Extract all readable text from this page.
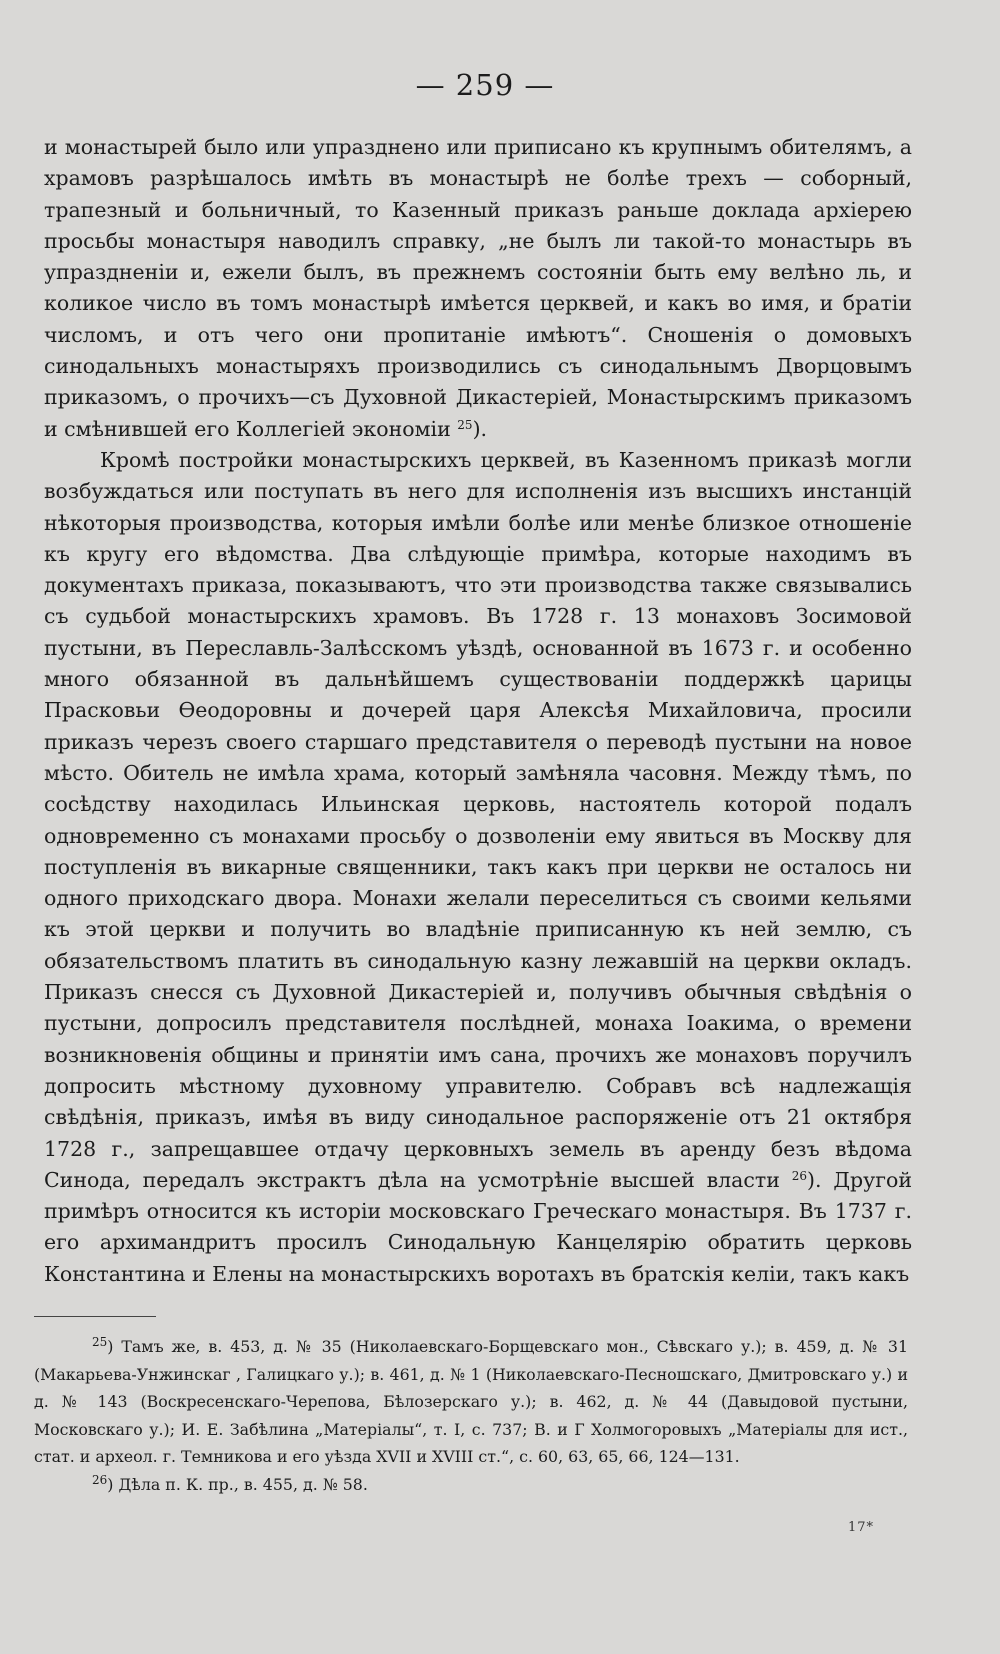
— 259 —

и монастырей было или упразднено или приписано къ крупнымъ обителямъ, а храмовъ разрѣшалось имѣть въ монастырѣ не болѣе трехъ — соборный, трапезный и больничный, то Казенный приказъ раньше доклада архіерею просьбы монастыря наводилъ справку, „не былъ ли такой-то монастырь въ упраздненіи и, ежели былъ, въ прежнемъ состояніи быть ему велѣно ль, и коликое число въ томъ монастырѣ имѣется церквей, и какъ во имя, и братіи числомъ, и отъ чего они пропитаніе имѣютъ“. Сношенія о домовыхъ синодальныхъ монастыряхъ производились съ синодальнымъ Дворцовымъ приказомъ, о прочихъ—съ Духовной Дикастеріей, Монастырскимъ приказомъ и смѣнившей его Коллегіей экономіи $^{25}$).

Кромѣ постройки монастырскихъ церквей, въ Казенномъ приказѣ могли возбуждаться или поступать въ него для исполненія изъ высшихъ инстанцій нѣкоторыя производства, которыя имѣли болѣе или менѣе близкое отношеніе къ кругу его вѣдомства. Два слѣдующіе примѣра, которые находимъ въ документахъ приказа, показываютъ, что эти производства также связывались съ судьбой монастырскихъ храмовъ. Въ 1728 г. 13 монаховъ Зосимовой пустыни, въ Переславль-Залѣсскомъ уѣздѣ, основанной въ 1673 г. и особенно много обязанной въ дальнѣйшемъ существованіи поддержкѣ царицы Прасковьи Ѳеодоровны и дочерей царя Алексѣя Михайловича, просили приказъ черезъ своего старшаго представителя о переводѣ пустыни на новое мѣсто. Обитель не имѣла храма, который замѣняла часовня. Между тѣмъ, по сосѣдству находилась Ильинская церковь, настоятель которой подалъ одновременно съ монахами просьбу о дозволеніи ему явиться въ Москву для поступленія въ викарные священники, такъ какъ при церкви не осталось ни одного приходскаго двора. Монахи желали переселиться съ своими кельями къ этой церкви и получить во владѣніе приписанную къ ней землю, съ обязательствомъ платить въ синодальную казну лежавшій на церкви окладъ. Приказъ снесся съ Духовной Дикастеріей и, получивъ обычныя свѣдѣнія о пустыни, допросилъ представителя послѣдней, монаха Іоакима, о времени возникновенія общины и принятіи имъ сана, прочихъ же монаховъ поручилъ допросить мѣстному духовному управителю. Собравъ всѣ надлежащія свѣдѣнія, приказъ, имѣя въ виду синодальное распоряженіе отъ 21 октября 1728 г., запрещавшее отдачу церковныхъ земель въ аренду безъ вѣдома Синода, передалъ экстрактъ дѣла на усмотрѣніе высшей власти $^{26}$). Другой примѣръ относится къ исторіи московскаго Греческаго монастыря. Въ 1737 г. его архимандритъ просилъ Синодальную Канцелярію обратить церковь Константина и Елены на монастырскихъ воротахъ въ братскія келіи, такъ какъ

$^{25}$) Тамъ же, в. 453, д. № 35 (Николаевскаго-Борщевскаго мон., Сѣвскаго у.); в. 459, д. № 31 (Макарьева-Унжинскаг , Галицкаго у.); в. 461, д. № 1 (Николаевскаго-Песношскаго, Дмитровскаго у.) и д. № 143 (Воскресенскаго-Черепова, Бѣлозерскаго у.); в. 462, д. № 44 (Давыдовой пустыни, Московскаго у.); И. Е. Забѣлина „Матеріалы“, т. I, с. 737; В. и Г Холмогоровыхъ „Матеріалы для ист., стат. и археол. г. Темникова и его уѣзда XVII и XVIII ст.“, с. 60, 63, 65, 66, 124—131.

$^{26}$) Дѣла п. К. пр., в. 455, д. № 58.

17*
